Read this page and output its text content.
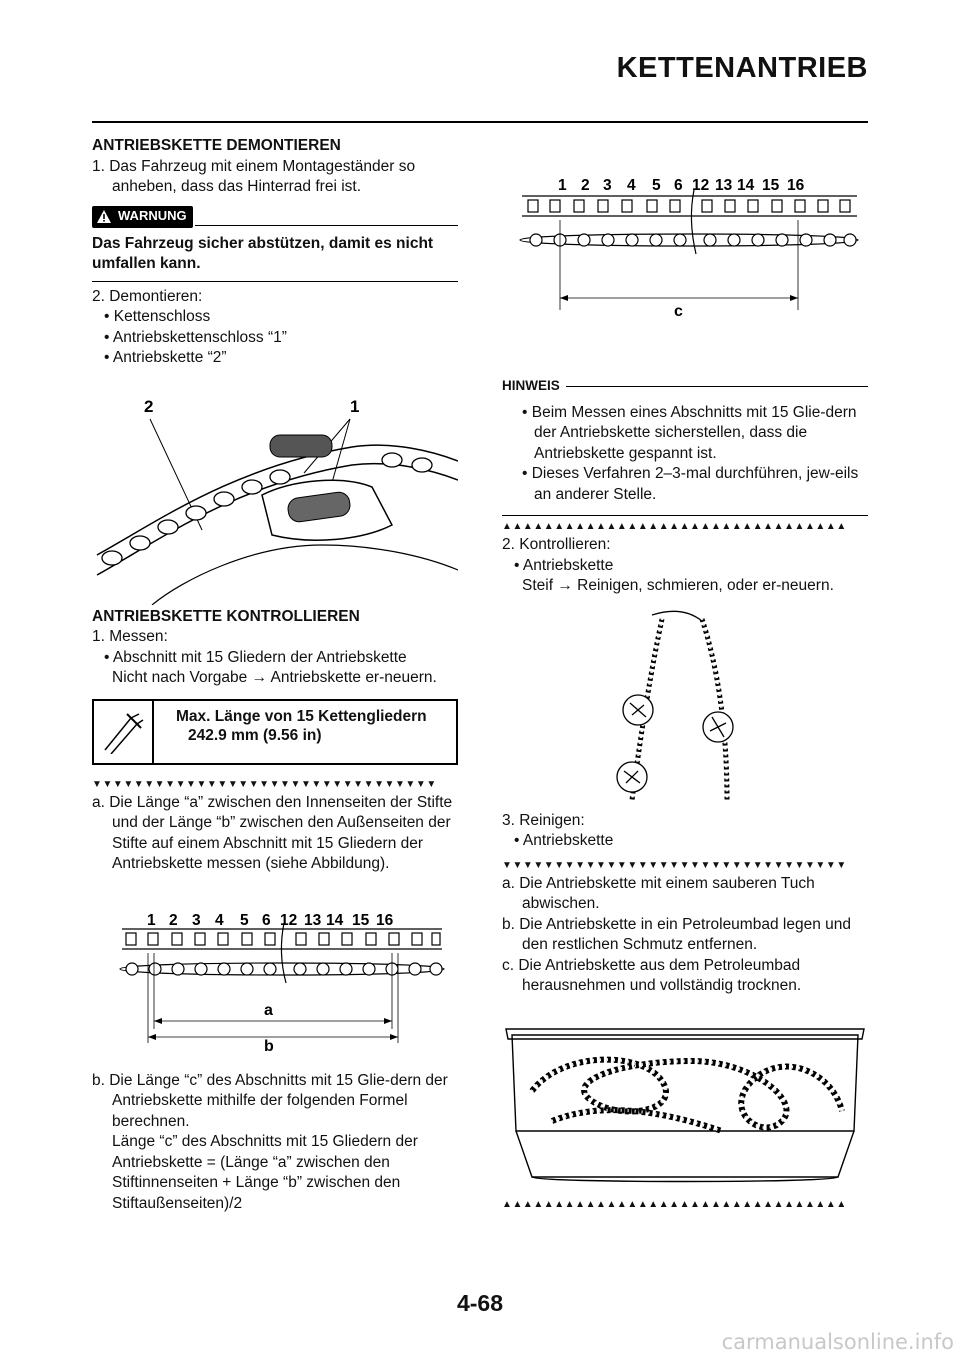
KETTENANTRIEB
ANTRIEBSKETTE DEMONTIEREN
1. Das Fahrzeug mit einem Montageständer so anheben, dass das Hinterrad frei ist.
WARNUNG
Das Fahrzeug sicher abstützen, damit es nicht umfallen kann.
2. Demontieren:
• Kettenschloss
• Antriebskettenschloss “1”
• Antriebskette “2”
2	1
ANTRIEBSKETTE KONTROLLIEREN
1. Messen:
• Abschnitt mit 15 Gliedern der Antriebskette
Nicht nach Vorgabe → Antriebskette er-neuern.
Max. Länge von 15 Kettengliedern
242.9 mm (9.56 in)
▼▼▼▼▼▼▼▼▼▼▼▼▼▼▼▼▼▼▼▼▼▼▼▼▼▼▼▼▼▼▼▼▼
a. Die Länge “a” zwischen den Innenseiten der Stifte und der Länge “b” zwischen den Außenseiten der Stifte auf einem Abschnitt mit 15 Gliedern der Antriebskette messen (siehe Abbildung).
1 2 3 4 5 6 12 13 14 15 16
a
b
b. Die Länge “c” des Abschnitts mit 15 Glie-dern der Antriebskette mithilfe der folgenden Formel berechnen.
Länge “c” des Abschnitts mit 15 Gliedern der Antriebskette = (Länge “a” zwischen den Stiftinnenseiten + Länge “b” zwischen den Stiftaußenseiten)/2
1 2 3 4 5 6 12 13 14 15 16
c
HINWEIS
• Beim Messen eines Abschnitts mit 15 Glie-dern der Antriebskette sicherstellen, dass die Antriebskette gespannt ist.
• Dieses Verfahren 2–3-mal durchführen, jew-eils an anderer Stelle.
▲▲▲▲▲▲▲▲▲▲▲▲▲▲▲▲▲▲▲▲▲▲▲▲▲▲▲▲▲▲▲▲▲
2. Kontrollieren:
• Antriebskette
Steif → Reinigen, schmieren, oder er-neuern.
3. Reinigen:
• Antriebskette
▼▼▼▼▼▼▼▼▼▼▼▼▼▼▼▼▼▼▼▼▼▼▼▼▼▼▼▼▼▼▼▼▼
a. Die Antriebskette mit einem sauberen Tuch abwischen.
b. Die Antriebskette in ein Petroleumbad legen und den restlichen Schmutz entfernen.
c. Die Antriebskette aus dem Petroleumbad herausnehmen und vollständig trocknen.
▲▲▲▲▲▲▲▲▲▲▲▲▲▲▲▲▲▲▲▲▲▲▲▲▲▲▲▲▲▲▲▲▲
4-68
carmanualsonline.info
